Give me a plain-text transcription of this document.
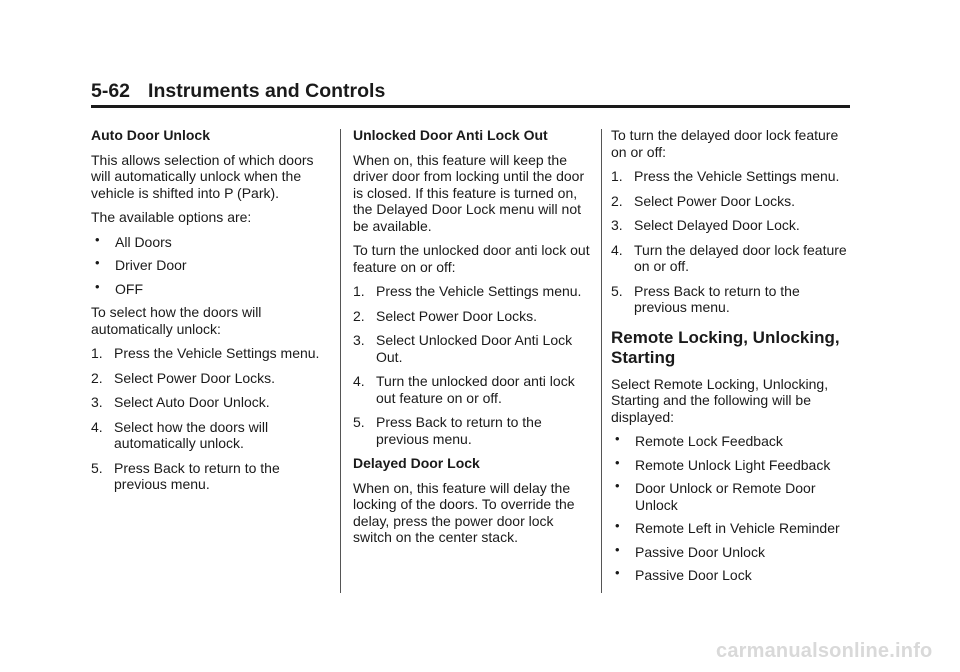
5-62 Instruments and Controls
Auto Door Unlock
This allows selection of which doors will automatically unlock when the vehicle is shifted into P (Park).
The available options are:
• All Doors
• Driver Door
• OFF
To select how the doors will automatically unlock:
1. Press the Vehicle Settings menu.
2. Select Power Door Locks.
3. Select Auto Door Unlock.
4. Select how the doors will automatically unlock.
5. Press Back to return to the previous menu.
Unlocked Door Anti Lock Out
When on, this feature will keep the driver door from locking until the door is closed. If this feature is turned on, the Delayed Door Lock menu will not be available.
To turn the unlocked door anti lock out feature on or off:
1. Press the Vehicle Settings menu.
2. Select Power Door Locks.
3. Select Unlocked Door Anti Lock Out.
4. Turn the unlocked door anti lock out feature on or off.
5. Press Back to return to the previous menu.
Delayed Door Lock
When on, this feature will delay the locking of the doors. To override the delay, press the power door lock switch on the center stack.
To turn the delayed door lock feature on or off:
1. Press the Vehicle Settings menu.
2. Select Power Door Locks.
3. Select Delayed Door Lock.
4. Turn the delayed door lock feature on or off.
5. Press Back to return to the previous menu.
Remote Locking, Unlocking, Starting
Select Remote Locking, Unlocking, Starting and the following will be displayed:
• Remote Lock Feedback
• Remote Unlock Light Feedback
• Door Unlock or Remote Door Unlock
• Remote Left in Vehicle Reminder
• Passive Door Unlock
• Passive Door Lock
carmanualsonline.info
